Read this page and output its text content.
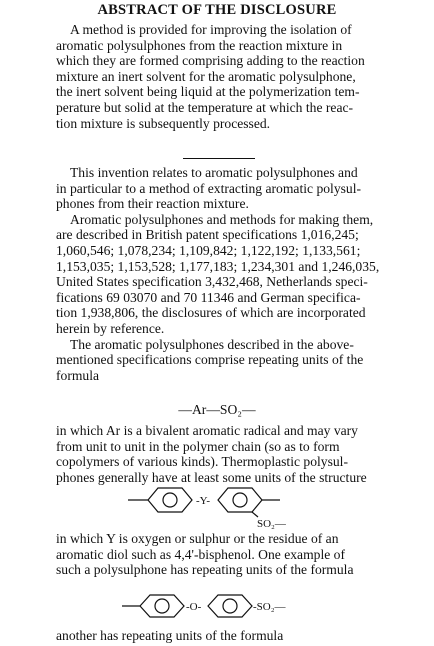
ABSTRACT OF THE DISCLOSURE
A method is provided for improving the isolation of
aromatic polysulphones from the reaction mixture in
which they are formed comprising adding to the reaction
mixture an inert solvent for the aromatic polysulphone,
the inert solvent being liquid at the polymerization tem-
perature but solid at the temperature at which the reac-
tion mixture is subsequently processed.
This invention relates to aromatic polysulphones and
in particular to a method of extracting aromatic polysul-
phones from their reaction mixture.
Aromatic polysulphones and methods for making them,
are described in British patent specifications 1,016,245;
1,060,546; 1,078,234; 1,109,842; 1,122,192; 1,133,561;
1,153,035; 1,153,528; 1,177,183; 1,234,301 and 1,246,035,
United States specification 3,432,468, Netherlands speci-
fications 69 03070 and 70 11346 and German specifica-
tion 1,938,806, the disclosures of which are incorporated
herein by reference.
The aromatic polysulphones described in the above-
mentioned specifications comprise repeating units of the
formula
—Ar—SO₂—
in which Ar is a bivalent aromatic radical and may vary
from unit to unit in the polymer chain (so as to form
copolymers of various kinds). Thermoplastic polysul-
phones generally have at least some units of the structure
-Y-
SO₂—
in which Y is oxygen or sulphur or the residue of an
aromatic diol such as 4,4'-bisphenol. One example of
such a polysulphone has repeating units of the formula
-O-	-SO₂—
another has repeating units of the formula
